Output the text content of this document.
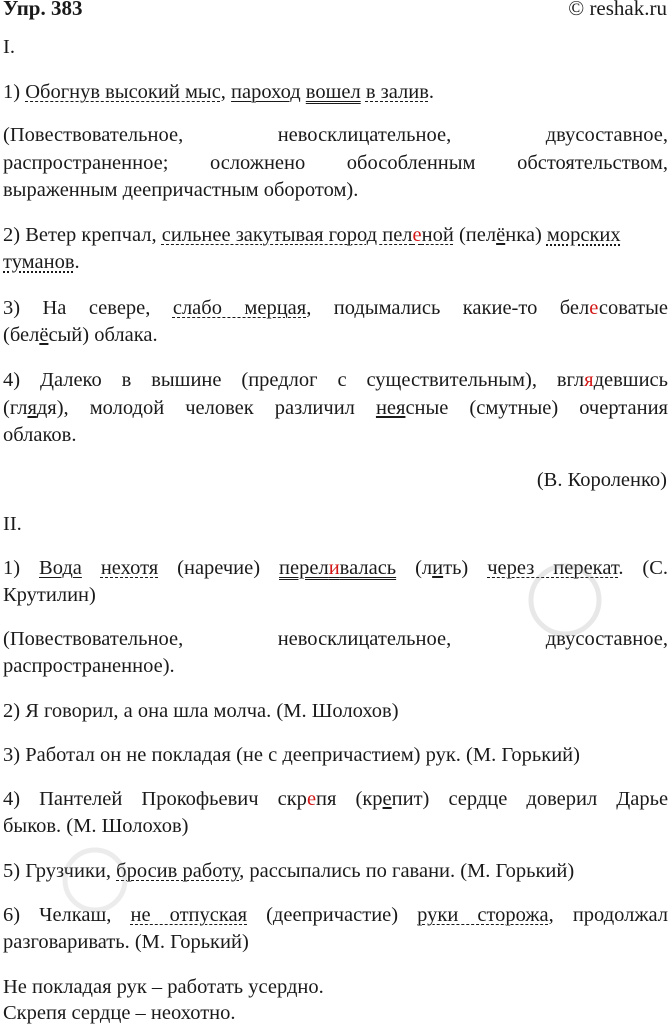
Упр. 383	© reshak.ru
I.
1) Обогнув высокий мыс, пароход вошел в залив.
(Повествовательное,	невосклицательное,	двусоставное,
распространенное; осложнено обособленным обстоятельством,
выраженным деепричастным оборотом).
2) Ветер крепчал, сильнее закутывая город пеленой (пелёнка) морских
туманов.
3) На севере, слабо мерцая, подымались какие-то белесоватые
(белёсый) облака.
4) Далеко в вышине (предлог с существительным), вглядевшись
(глядя), молодой человек различил неясные (смутные) очертания
облаков.
(В. Короленко)
II.
1) Вода нехотя (наречие) переливалась (лить) через перекат. (С.
Крутилин)
(Повествовательное,	невосклицательное,	двусоставное,
распространенное).
2) Я говорил, а она шла молча. (М. Шолохов)
3) Работал он не покладая (не с деепричастием) рук. (М. Горький)
4) Пантелей Прокофьевич скрепя (крепит) сердце доверил Дарье
быков. (М. Шолохов)
5) Грузчики, бросив работу, рассыпались по гавани. (М. Горький)
6) Челкаш, не отпуская (деепричастие) руки сторожа, продолжал
разговаривать. (М. Горький)
Не покладая рук – работать усердно.
Скрепя сердце – неохотно.
